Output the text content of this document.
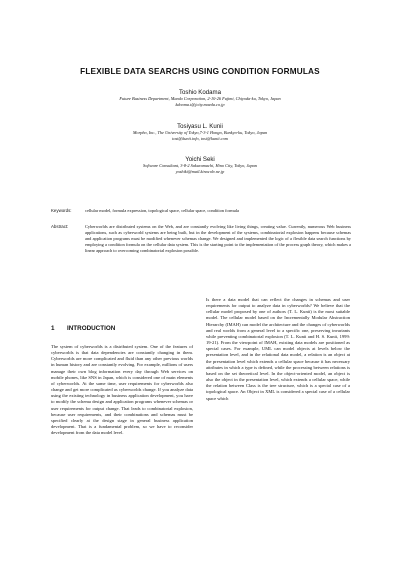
FLEXIBLE DATA SEARCHS USING CONDITION FORMULAS
Toshio Kodama
Future Business Department, Maeda Corporation, 2-10-26 Fujimi, Chiyoda-ku, Tokyo, Japan
kdooma.t@jcity.maeda.co.jp
Tosiyasu L. Kunii
Morpho, Inc., The University of Tokyo,7-3-1 Hongo, Bunkyo-ku, Tokyo, Japan
tosi@kunii.info, tosi@kunii.com
Yoichi Seki
Software Consultant, 3-8-2 Sakuramachi, Hino City, Tokyo, Japan
yoshiki@mail.kinocolv.ne.jp
Keywords:	cellular model, formula expression, topological space, cellular space, condition formula
Abstract:	Cyberworlds are distributed systems on the Web, and are constantly evolving like living things, creating value. Currently, numerous Web business applications, such as cyberworld systems are being built, but in the development of the systems, combinatorial explosion happens because schemas and application programs must be modified whenever schemas change. We designed and implemented the logic of a flexible data search functions by employing a condition formula on the cellular data system. This is the starting point to the implementation of the process graph theory, which makes a linear approach to overcoming combinatorial explosion possible.
1 INTRODUCTION

The system of cyberworlds is a distributed system. One of the features of cyberworlds is that data dependencies are constantly changing in them. Cyberworlds are more complicated and fluid than any other previous worlds in human history and are constantly evolving. For example, millions of users manage their own blog information every day through Web services on mobile phones, like SNS in Japan, which is considered one of main elements of cyberworlds. At the same time, user requirements for cyberworlds also change and get more complicated as cyberworlds change. If you analyze data using the existing technology in business application development, you have to modify the schema design and application programs whenever schemas or user requirements for output change. That leads to combinatorial explosion, because user requirements, and their combinations and schemas must be specified clearly at the design stage in general business application development. That is a fundamental problem, so we have to reconsider development from the data model level.

Is there a data model that can reflect the changes in schemas and user requirements for output to analyze data in cyberworlds? We believe that the cellular model proposed by one of authors (T. L. Kunii) is the most suitable model. The cellular model based on the Incrementally Modular Abstraction Hierarchy (IMAH) can model the architecture and the changes of cyberworlds and real worlds from a general level to a specific one, preserving invariants while preventing combinatorial explosion (T. L. Kunii and H. S. Kunii, 1999: 19-21). From the viewpoint of IMAH, existing data models are positioned as special cases. For example, UML can model objects at levels below the presentation level, and in the relational data model, a relation is an object at the presentation level which extends a cellular space because it has necessary attributes in which a type is defined, while the processing between relations is based on the set theoretical level. In the object-oriented model, an object is also the object in the presentation level, which extends a cellular space, while the relation between Class is the tree structure, which is a special case of a topological space. An Object in XML is considered a special case of a cellular space which
